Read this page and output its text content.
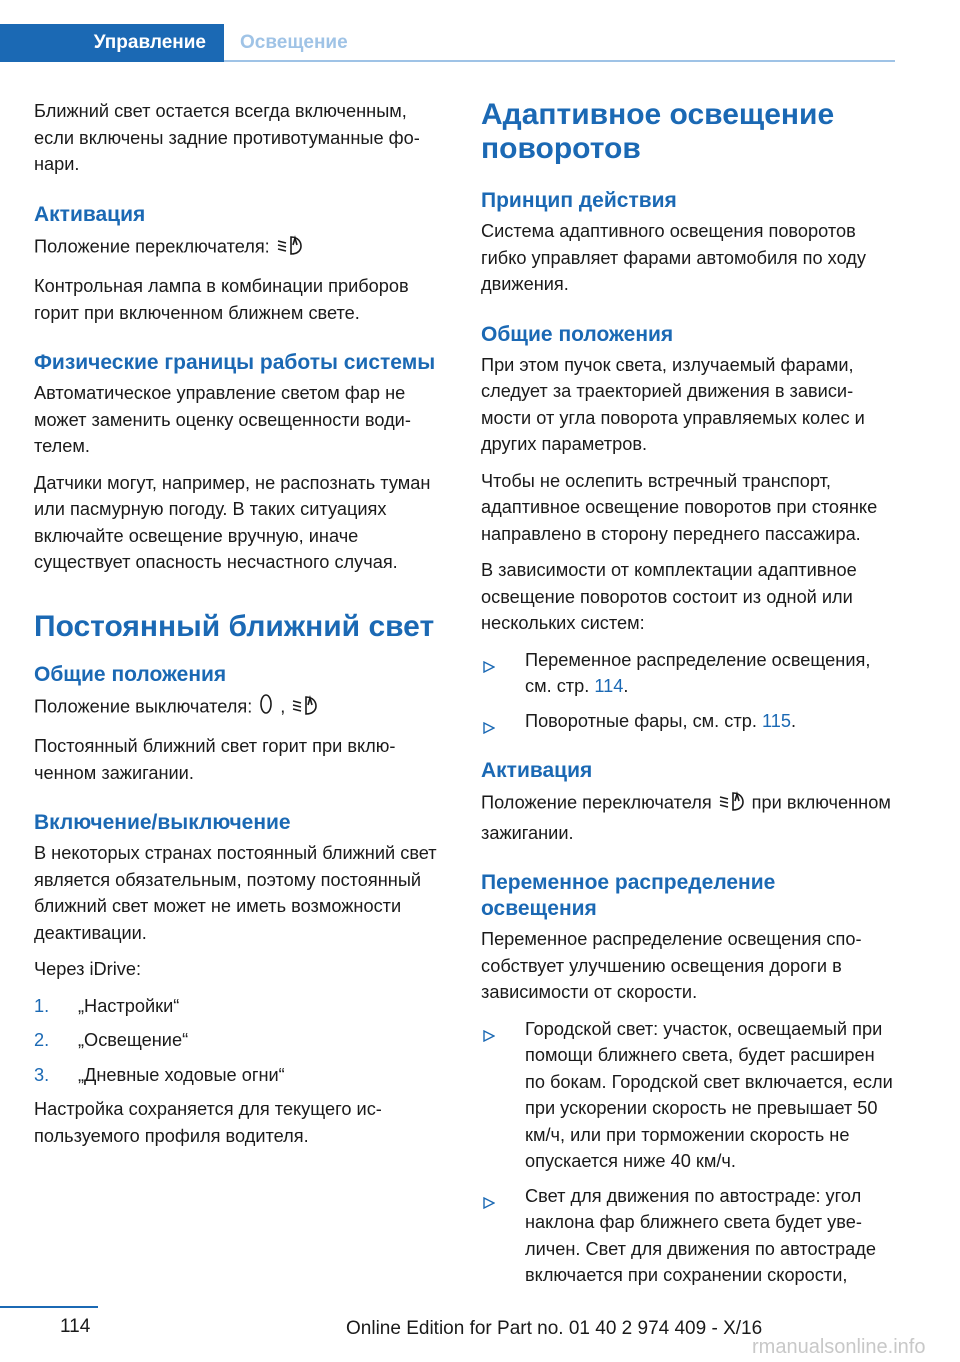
Управление Освещение

Ближний свет остается всегда включенным, если включены задние противотуманные фонари.

Активация

Положение переключателя:

Контрольная лампа в комбинации приборов горит при включенном ближнем свете.

Физические границы работы системы

Автоматическое управление светом фар не может заменить оценку освещенности водителем.

Датчики могут, например, не распознать туман или пасмурную погоду. В таких ситуациях включайте освещение вручную, иначе существует опасность несчастного случая.

Постоянный ближний свет
Общие положения

Положение выключателя: ,

Постоянный ближний свет горит при включенном зажигании.

Включение/выключение

В некоторых странах постоянный ближний свет является обязательным, поэтому постоянный ближний свет может не иметь возможности деактивации.

Через iDrive:

1. „Настройки“
2. „Освещение“
3. „Дневные ходовые огни“

Настройка сохраняется для текущего используемого профиля водителя.

Адаптивное освещение поворотов
Принцип действия

Система адаптивного освещения поворотов гибко управляет фарами автомобиля по ходу движения.

Общие положения

При этом пучок света, излучаемый фарами, следует за траекторией движения в зависимости от угла поворота управляемых колес и других параметров.

Чтобы не ослепить встречный транспорт, адаптивное освещение поворотов при стоянке направлено в сторону переднего пассажира.

В зависимости от комплектации адаптивное освещение поворотов состоит из одной или нескольких систем:

Переменное распределение освещения, см. стр. 114.
Поворотные фары, см. стр. 115.
Активация

Положение переключателя при включенном зажигании.

Переменное распределение освещения

Переменное распределение освещения способствует улучшению освещения дороги в зависимости от скорости.

Городской свет: участок, освещаемый при помощи ближнего света, будет расширен по бокам. Городской свет включается, если при ускорении скорость не превышает 50 км/ч, или при торможении скорость не опускается ниже 40 км/ч.
Свет для движения по автостраде: угол наклона фар ближнего света будет увеличен. Свет для движения по автостраде включается при сохранении скорости,
114	Online Edition for Part no. 01 40 2 974 409 - X/16
rmanualsonline.info
